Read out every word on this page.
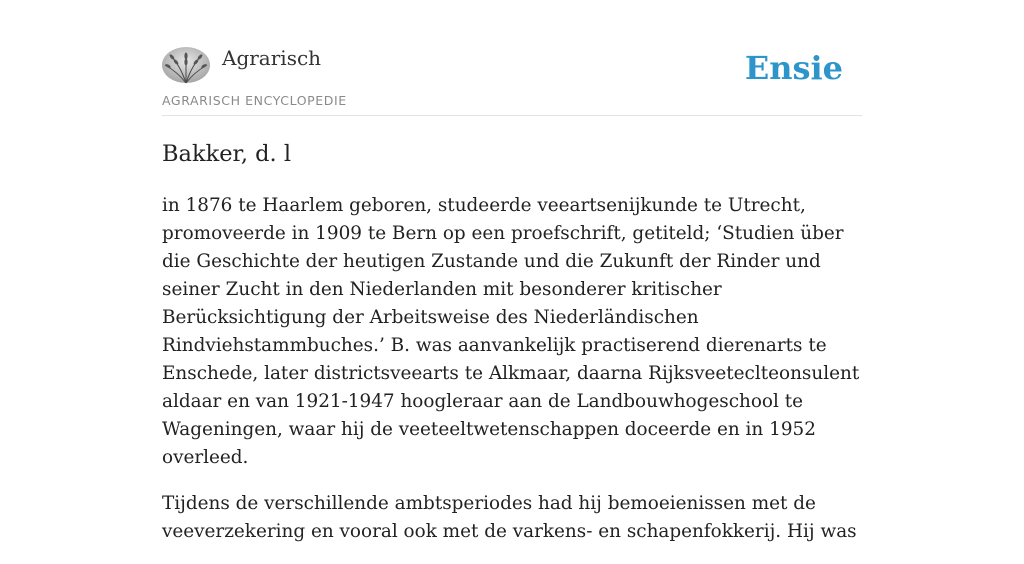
Agrarisch
AGRARISCH ENCYCLOPEDIE
Ensie
Bakker, d. l

in 1876 te Haarlem geboren, studeerde veeartsenijkunde te Utrecht, promoveerde in 1909 te Bern op een proefschrift, getiteld; ‘Studien über die Geschichte der heutigen Zustande und die Zukunft der Rinder und seiner Zucht in den Niederlanden mit besonderer kritischer Berücksichtigung der Arbeitsweise des Niederländischen Rindviehstammbuches.’ B. was aanvankelijk practiserend dierenarts te Enschede, later districtsveearts te Alkmaar, daarna Rijksveeteclteonsulent aldaar en van 1921-1947 hoogleraar aan de Landbouwhogeschool te Wageningen, waar hij de veeteeltwetenschappen doceerde en in 1952 overleed.

Tijdens de verschillende ambtsperiodes had hij bemoeienissen met de veeverzekering en vooral ook met de varkens- en schapenfokkerij. Hij was
